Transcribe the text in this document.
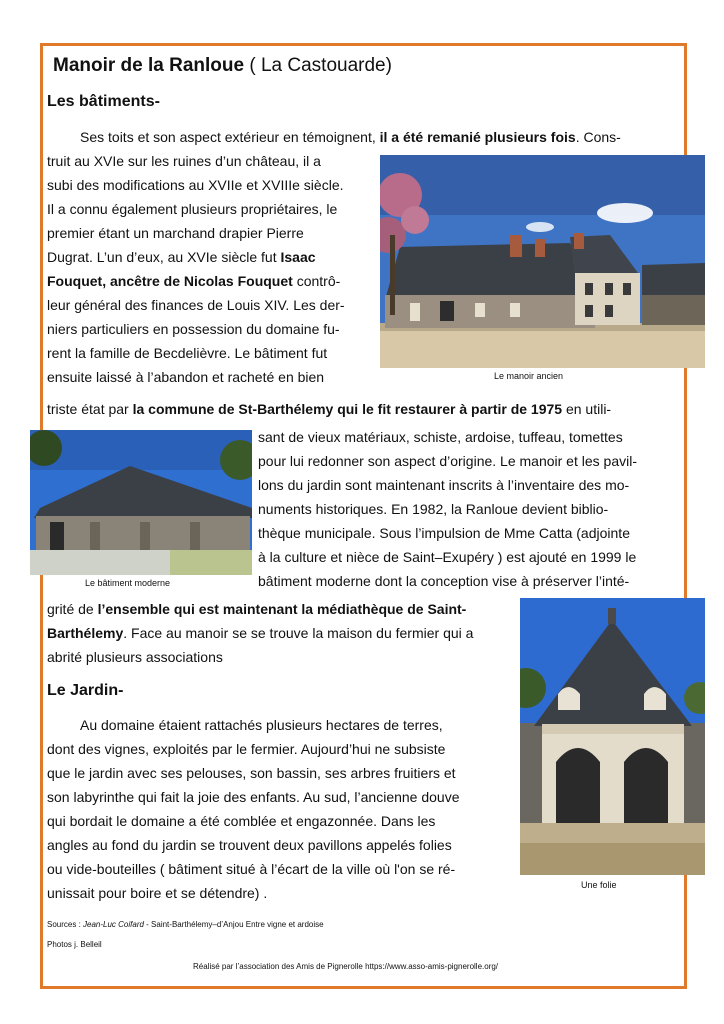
Manoir de la Ranloue ( La Castouarde)
Les bâtiments-
Ses toits et son aspect extérieur en témoignent, il a été remanié plusieurs fois. Cons-
truit au XVIe sur les ruines d’un château, il a
subi des modifications au XVIIe et XVIIIe siècle.
Il a connu également plusieurs propriétaires, le
premier étant un marchand drapier Pierre
Dugrat. L’un d’eux, au XVIe siècle fut Isaac
Fouquet, ancêtre de Nicolas Fouquet contrô-
leur général des finances de Louis XIV. Les der-
niers particuliers en possession du domaine fu-
rent la famille de Becdelièvre. Le bâtiment fut
ensuite laissé à l’abandon et racheté en bien
triste état par la commune de St-Barthélemy qui le fit restaurer à partir de 1975 en utili-
sant de vieux matériaux, schiste, ardoise, tuffeau, tomettes
pour lui redonner son aspect d’origine. Le manoir et les pavil-
lons du jardin sont maintenant inscrits à l’inventaire des mo-
numents historiques. En 1982, la Ranloue devient biblio-
thèque municipale. Sous l’impulsion de Mme Catta (adjointe
à la culture et nièce de Saint–Exupéry ) est ajouté en 1999 le
bâtiment moderne dont la conception vise à préserver l’inté-
grité de l’ensemble qui est maintenant la médiathèque de Saint-
Barthélemy. Face au manoir se se trouve la maison du fermier qui a
abrité plusieurs associations
Le Jardin-
Au domaine étaient rattachés plusieurs hectares de terres,
dont des vignes, exploités par le fermier. Aujourd’hui ne subsiste
que le jardin avec ses pelouses, son bassin, ses arbres fruitiers et
son labyrinthe qui fait la joie des enfants. Au sud, l’ancienne douve
qui bordait le domaine a été comblée et engazonnée. Dans les
angles au fond du jardin se trouvent deux pavillons appelés folies
ou vide-bouteilles ( bâtiment situé à l’écart de la ville où l'on se ré-
unissait pour boire et se détendre) .
Le manoir ancien
Le bâtiment moderne
Une folie
Sources : Jean-Luc Coifard - Saint-Barthélemy–d’Anjou Entre vigne et ardoise
Photos j. Belleil
Réalisé par l’association des Amis de Pignerolle https://www.asso-amis-pignerolle.org/
